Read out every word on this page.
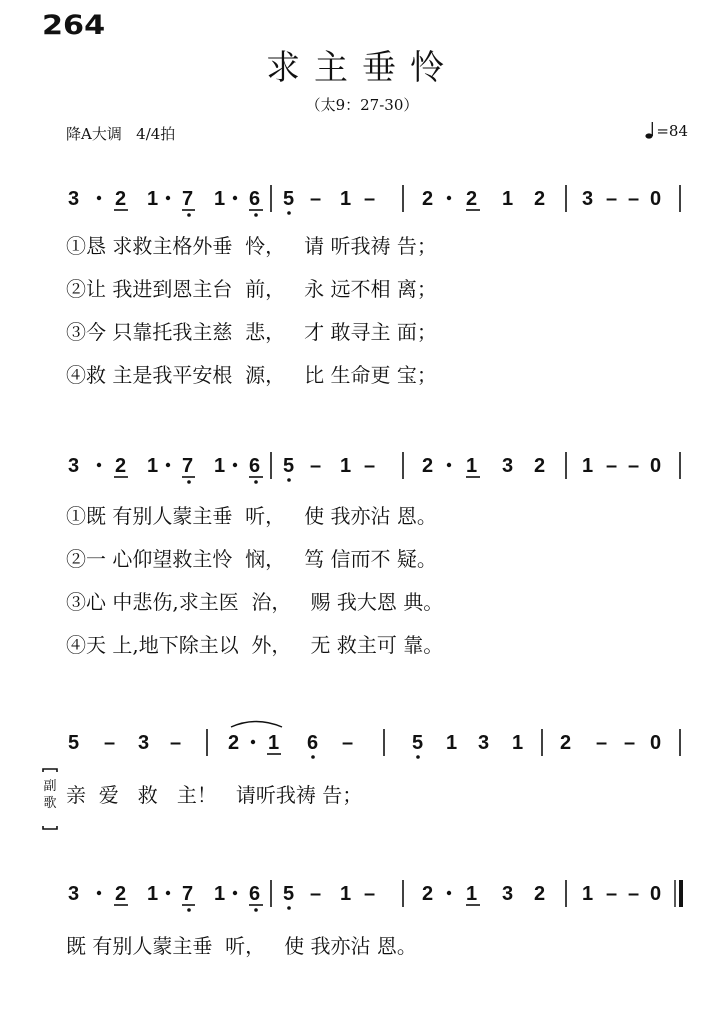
264
求主垂怜
（太9：27-30）
降A大调 4/4拍	=84
3 2 1 7 1 6 5 – 1 – 2 2 1 2 3 – – 0
①恳 求救主格外垂  怜，   请 听我祷 告；
②让 我进到恩主台  前，   永 远不相 离；
③今 只靠托我主慈  悲，   才 敢寻主 面；
④救 主是我平安根  源，   比 生命更 宝；
3 2 1 7 1 6 5 – 1 – 2 1 3 2 1 – – 0
①既 有别人蒙主垂  听，   使 我亦沾 恩。
②一 心仰望救主怜  悯，   笃 信而不 疑。
③心 中悲伤,求主医  治，   赐 我大恩 典。
④天 上,地下除主以  外，   无 救主可 靠。
5 – 3 – 2 1 6 –	5 1 3 1 2 – – 0
副歌 亲  爱   救   主！   请听我祷 告；
3 2 1 7 1 6 5 – 1 – 2 1 3 2 1 – – 0
既 有别人蒙主垂  听，   使 我亦沾 恩。
